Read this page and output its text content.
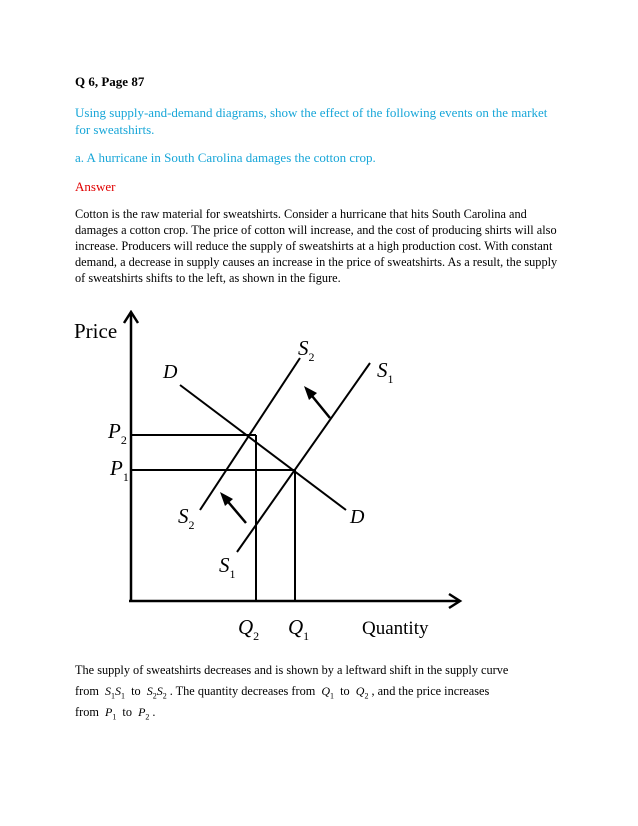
Q 6, Page 87

Using supply-and-demand diagrams, show the effect of the following events on the market for sweatshirts.

a. A hurricane in South Carolina damages the cotton crop.

Answer

Cotton is the raw material for sweatshirts. Consider a hurricane that hits South Carolina and damages a cotton crop. The price of cotton will increase, and the cost of producing shirts will also increase. Producers will reduce the supply of sweatshirts at a high production cost. With constant demand, a decrease in supply causes an increase in the price of sweatshirts. As a result, the supply of sweatshirts shifts to the left, as shown in the figure.

Price
Quantity
D
D
$S_2$
$S_1$
$S_2$
$S_1$
$P_2$
$P_1$
$Q_2$ $Q_1$
The supply of sweatshirts decreases and is shown by a leftward shift in the supply curve
from $S_1S_1$ to $S_2S_2$ . The quantity decreases from $Q_1$ to $Q_2$ , and the price increases
from $P_1$ to $P_2$ .
